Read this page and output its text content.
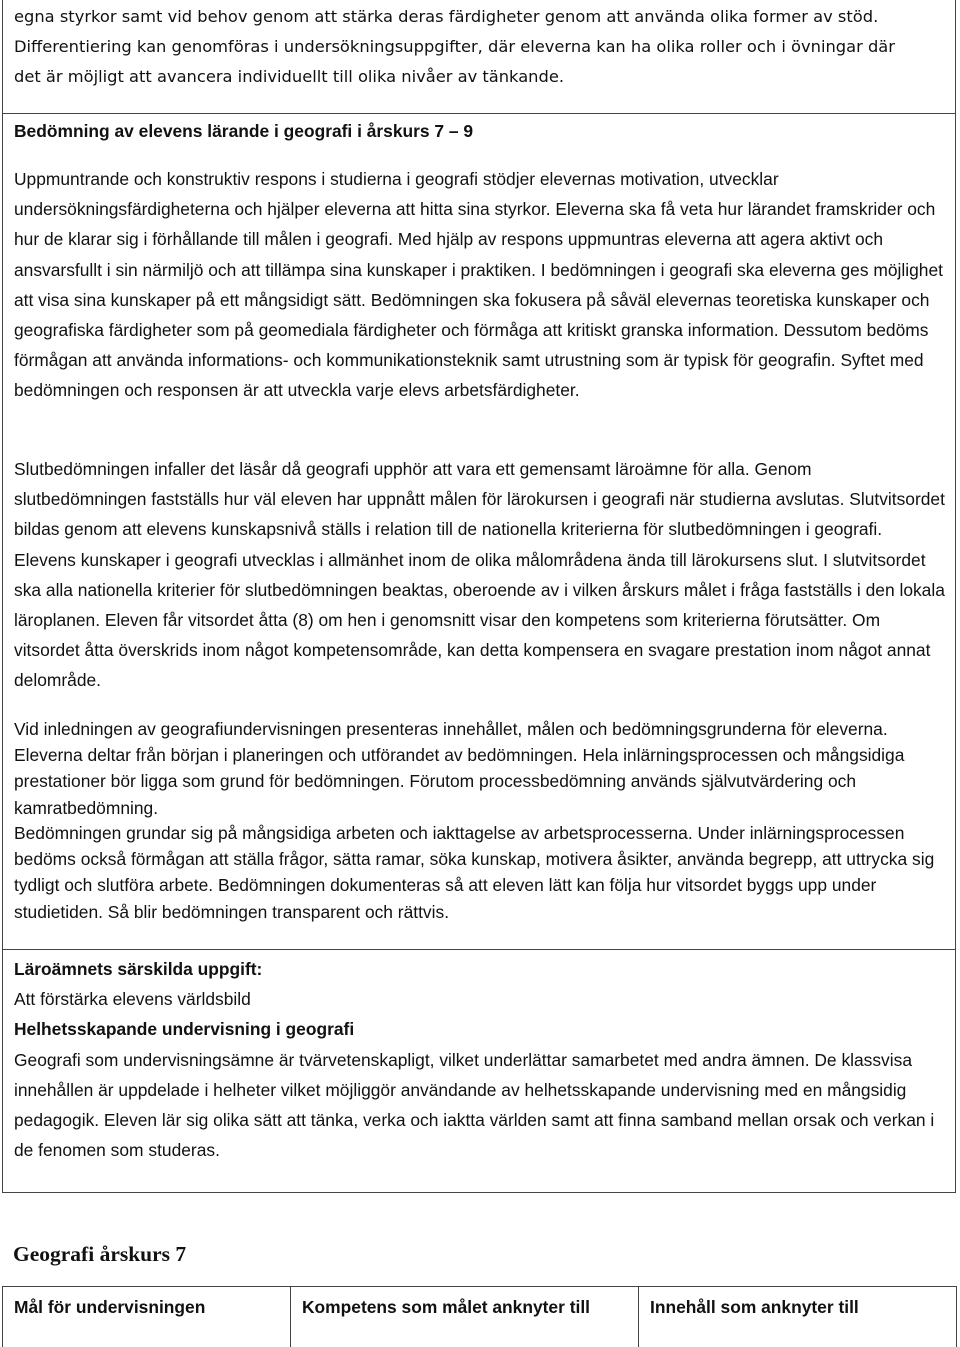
egna styrkor samt vid behov genom att stärka deras färdigheter genom att använda olika former av stöd.

Differentiering kan genomföras i undersökningsuppgifter, där eleverna kan ha olika roller och i övningar där

det är möjligt att avancera individuellt till olika nivåer av tänkande.

Bedömning av elevens lärande i geografi i årskurs 7 – 9

Uppmuntrande och konstruktiv respons i studierna i geografi stödjer elevernas motivation, utvecklar undersökningsfärdigheterna och hjälper eleverna att hitta sina styrkor. Eleverna ska få veta hur lärandet framskrider och hur de klarar sig i förhållande till målen i geografi. Med hjälp av respons uppmuntras eleverna att agera aktivt och ansvarsfullt i sin närmiljö och att tillämpa sina kunskaper i praktiken. I bedömningen i geografi ska eleverna ges möjlighet att visa sina kunskaper på ett mångsidigt sätt. Bedömningen ska fokusera på såväl elevernas teoretiska kunskaper och geografiska färdigheter som på geomediala färdigheter och förmåga att kritiskt granska information. Dessutom bedöms förmågan att använda informations- och kommunikationsteknik samt utrustning som är typisk för geografin. Syftet med bedömningen och responsen är att utveckla varje elevs arbetsfärdigheter.

Slutbedömningen infaller det läsår då geografi upphör att vara ett gemensamt läroämne för alla. Genom slutbedömningen fastställs hur väl eleven har uppnått målen för lärokursen i geografi när studierna avslutas. Slutvitsordet bildas genom att elevens kunskapsnivå ställs i relation till de nationella kriterierna för slutbedömningen i geografi. Elevens kunskaper i geografi utvecklas i allmänhet inom de olika målområdena ända till lärokursens slut. I slutvitsordet ska alla nationella kriterier för slutbedömningen beaktas, oberoende av i vilken årskurs målet i fråga fastställs i den lokala läroplanen. Eleven får vitsordet åtta (8) om hen i genomsnitt visar den kompetens som kriterierna förutsätter. Om vitsordet åtta överskrids inom något kompetensområde, kan detta kompensera en svagare prestation inom något annat delområde.

Vid inledningen av geografiundervisningen presenteras innehållet, målen och bedömningsgrunderna för eleverna. Eleverna deltar från början i planeringen och utförandet av bedömningen. Hela inlärningsprocessen och mångsidiga prestationer bör ligga som grund för bedömningen. Förutom processbedömning används självutvärdering och kamratbedömning.

Bedömningen grundar sig på mångsidiga arbeten och iakttagelse av arbetsprocesserna. Under inlärningsprocessen bedöms också förmågan att ställa frågor, sätta ramar, söka kunskap, motivera åsikter, använda begrepp, att uttrycka sig tydligt och slutföra arbete. Bedömningen dokumenteras så att eleven lätt kan följa hur vitsordet byggs upp under studietiden. Så blir bedömningen transparent och rättvis.

Läroämnets särskilda uppgift:

Att förstärka elevens världsbild

Helhetsskapande undervisning i geografi

Geografi som undervisningsämne är tvärvetenskapligt, vilket underlättar samarbetet med andra ämnen. De klassvisa innehållen är uppdelade i helheter vilket möjliggör användande av helhetsskapande undervisning med en mångsidig pedagogik. Eleven lär sig olika sätt att tänka, verka och iaktta världen samt att finna samband mellan orsak och verkan i de fenomen som studeras.

Geografi årskurs 7
Mål för undervisningen	Kompetens som målet anknyter till	Innehåll som anknyter till
